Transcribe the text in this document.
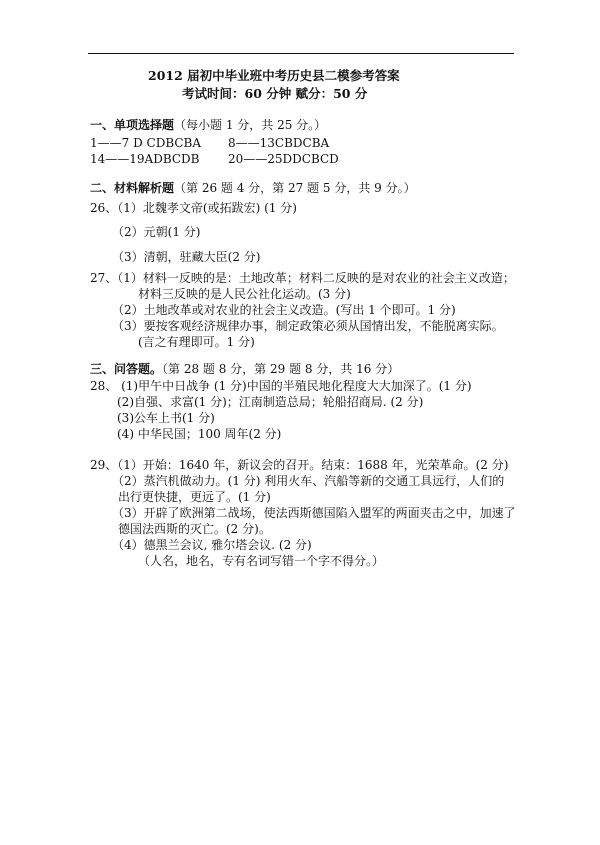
2012 届初中毕业班中考历史县二模参考答案
考试时间：60 分钟 赋分：50 分
一、单项选择题（每小题 1 分，共 25 分。）
1——7 D CDBCBA 8——13CBDCBA
14——19ADBCDB 20——25DDCBCD
二、材料解析题（第 26 题 4 分，第 27 题 5 分，共 9 分。）
26、（1）北魏孝文帝(或拓跋宏) (1 分)
（2）元朝(1 分)
（3）清朝，驻藏大臣(2 分)
27、（1）材料一反映的是：土地改革；材料二反映的是对农业的社会主义改造；
材料三反映的是人民公社化运动。(3 分)
（2）土地改革或对农业的社会主义改造。(写出 1 个即可。1 分)
（3）要按客观经济规律办事，制定政策必须从国情出发，不能脱离实际。
(言之有理即可。1 分)
三、问答题。（第 28 题 8 分，第 29 题 8 分，共 16 分）
28、 (1)甲午中日战争 (1 分)中国的半殖民地化程度大大加深了。(1 分)
(2)自强、求富(1 分)；江南制造总局；轮船招商局. (2 分)
(3)公车上书(1 分)
(4) 中华民国；100 周年(2 分)
29、（1）开始：1640 年，新议会的召开。结束：1688 年，光荣革命。(2 分)
（2）蒸汽机做动力。(1 分) 利用火车、汽船等新的交通工具远行，人们的
出行更快捷，更远了。(1 分)
（3）开辟了欧洲第二战场，使法西斯德国陷入盟军的两面夹击之中，加速了
德国法西斯的灭亡。(2 分)。
（4）德黑兰会议, 雅尔塔会议. (2 分)
（人名，地名，专有名词写错一个字不得分。）
